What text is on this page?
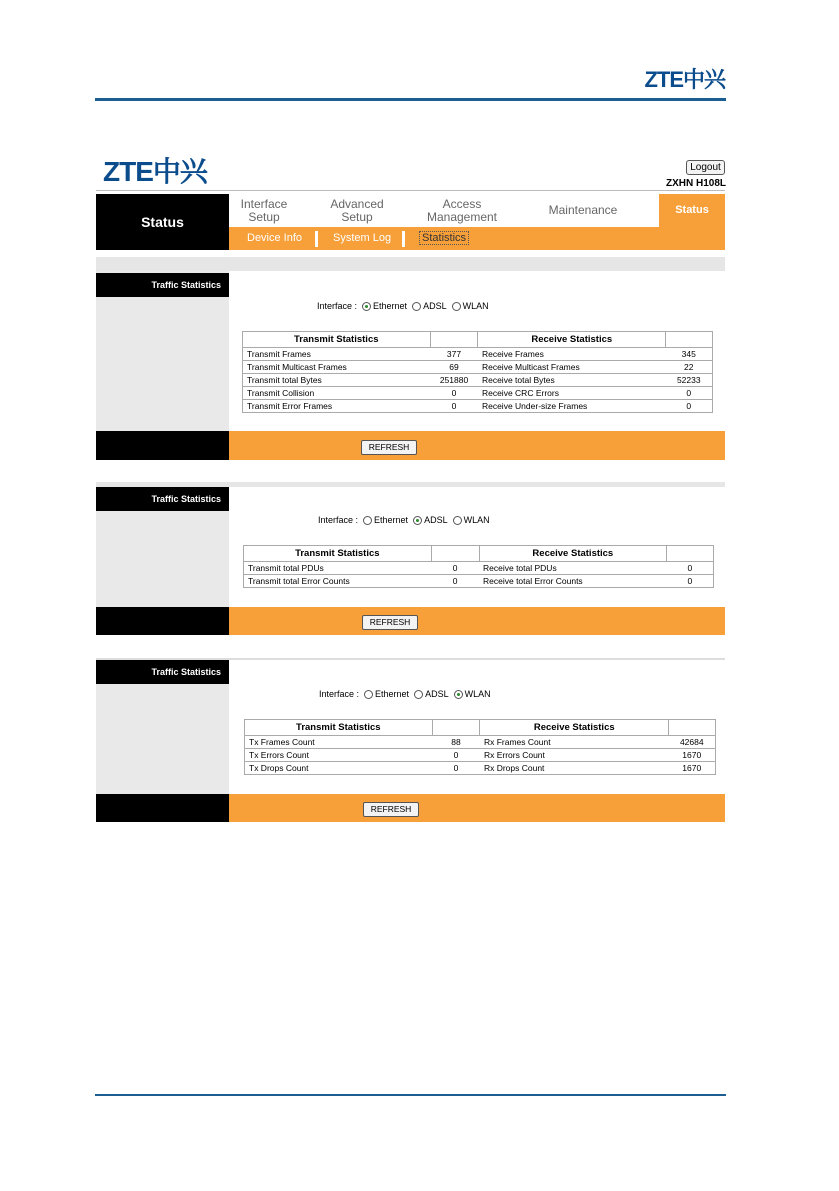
ZTE中兴
ZTE中兴	Logout
ZXHN H108L
Status
Interface
Setup
Advanced
Setup
Access
Management	Maintenance	Status
Device Info	System Log	Statistics
Traffic Statistics
Interface : Ethernet ADSL WLAN
Transmit Statistics		Receive Statistics	
Transmit Frames	377	Receive Frames	345
Transmit Multicast Frames	69	Receive Multicast Frames	22
Transmit total Bytes	251880	Receive total Bytes	52233
Transmit Collision	0	Receive CRC Errors	0
Transmit Error Frames	0	Receive Under-size Frames	0
REFRESH
Traffic Statistics
Interface : Ethernet ADSL WLAN
Transmit Statistics		Receive Statistics	
Transmit total PDUs	0	Receive total PDUs	0
Transmit total Error Counts	0	Receive total Error Counts	0
REFRESH
Traffic Statistics
Interface : Ethernet ADSL WLAN
Transmit Statistics		Receive Statistics	
Tx Frames Count	88	Rx Frames Count	42684
Tx Errors Count	0	Rx Errors Count	1670
Tx Drops Count	0	Rx Drops Count	1670
REFRESH
